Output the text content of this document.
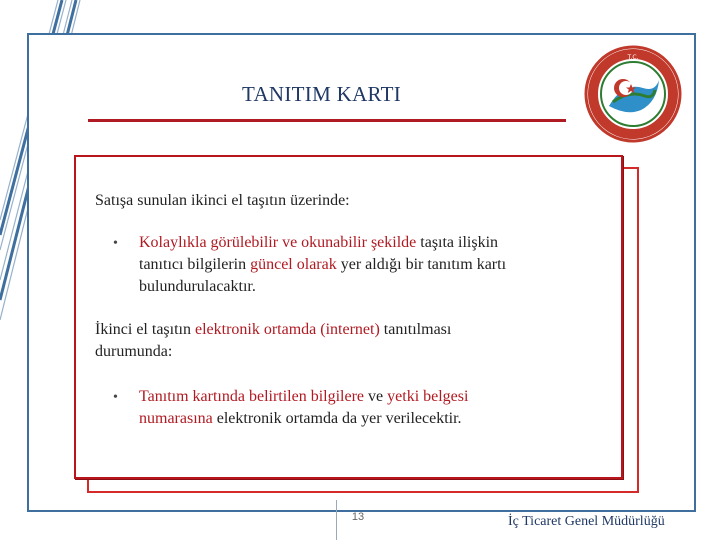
TANITIM KARTI
T.C.
Satışa sunulan ikinci el taşıtın üzerinde:
• Kolaylıkla görülebilir ve okunabilir şekilde taşıta ilişkin
tanıtıcı bilgilerin güncel olarak yer aldığı bir tanıtım kartı
bulundurulacaktır.
İkinci el taşıtın elektronik ortamda (internet) tanıtılması
durumunda:
• Tanıtım kartında belirtilen bilgilere ve yetki belgesi
numarasına elektronik ortamda da yer verilecektir.
13	İç Ticaret Genel Müdürlüğü
